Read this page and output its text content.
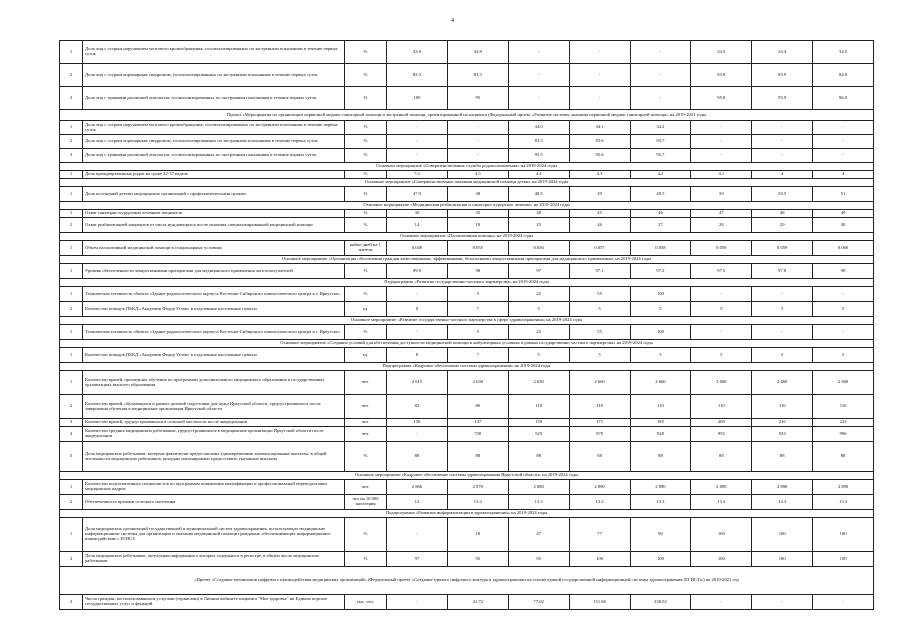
4
1	Доля лиц с острым нарушением мозгового кровообращения, госпитализированных по экстренным показаниям в течение первых суток	%	33.8	33.8	-	-	-	34.3	34.4	34.5
2	Доля лиц с острым коронарным синдромом, госпитализированных по экстренным показаниям в течение первых суток	%	83.3	83.3	-	-	-	83.8	83.9	84.0
3	Доля лиц с травмами различной этиологии, госпитализированных по экстренным показаниям в течение первых суток	%	100	95	-	-	-	95.8	95.9	96.0
Проект «Мероприятия по организации первичной медико-санитарной помощи и экстренной помощи, ориентированной на пациента (Федеральный проект «Развитие системы оказания первичной медико-санитарной помощи» на 2019-2021 годы										
1	Доля лиц с острым нарушением мозгового кровообращения, госпитализированных по экстренным показаниям в течение первых суток	%	-	-	34.0	34.1	34.2	-	-	-
2	Доля лиц с острым коронарным синдромом, госпитализированных по экстренным показаниям в течение первых суток	%	-	-	83.5	83.6	83.7	-	-	-
3	Доля лиц с травмами различной этиологии, госпитализированных по экстренным показаниям в течение первых суток	%	-	-	95.5	95.6	95.7	-	-	-
Основное мероприятие «Совершенствование службы родовспоможения» на 2019-2024 годы										
1	Доля преждевременных родов на сроке 22-37 недель	%	7.2	4.5	4.4	4.3	4.2	4.1	4	4
Основное мероприятие «Совершенствование оказания медицинской помощи детям» на 2019-2024 годы										
1	Доля посещений детьми медицинских организаций с профилактическими целями	%	47.9	48	48.5	49	49.5	50	50.5	51
Основное мероприятие «Медицинская реабилитация и санаторно-курортное лечение» на 2019-2024 годы										
1	Охват санаторно-курортным лечением пациентов	%	30	35	40	45	46	47	48	49
2	Охват реабилитацией пациентов от числа нуждающихся после оказания специализированной медицинской помощи	%	14	18	25	26	27	28	29	30
Основное мероприятие «Паллиативная помощь» на 2019-2024 годы										
1	Объем паллиативной медицинской помощи в стационарных условиях	койко-дней на 1 жителя	0.049	0.055	0.056	0.057	0.058	0.059	0.059	0.060
Основное мероприятие «Организация обеспечения граждан качественными, эффективными, безопасными лекарственными препаратами для медицинского применения» на 2019-2024 годы										
1	Уровень обеспеченности лекарственными препаратами для медицинского применения льготополучателей	%	99.9	98	97	97.1	97.2	97.5	97.8	98
Подпрограмма «Развитие государственно-частного партнерства» на 2019-2024 годы										
1	Техническая готовность объекта «Здание радиологического корпуса Восточно-Сибирского онкологического центра в г. Иркутске»	%	-	5	25	55	100	-	-	-
2	Количество поводок ПБКД «Академик Федор Углов» в отдаленные населенные пункты	ед.	8	7	5	5	5	5	5	5
Основное мероприятие «Развитие государственно-частного партнерства в сфере здравоохранения» на 2019-2024 годы										
1	Техническая готовность объекта «Здание радиологического корпуса Восточно-Сибирского онкологического центра в г. Иркутске»	%	-	5	25	55	100	-	-	-
Основное мероприятие «Создание условий для обеспечения доступности медицинской помощи в амбулаторных условиях в рамках государственно-частного партнерства» на 2019-2024 годы										
1	Количество поводок ПБКД «Академик Федор Углов» в отдаленные населенные пункты	ед.	8	7	5	5	5	5	5	5
Подпрограмма «Кадровое обеспечение системы здравоохранения» на 2019-2024 годы										
1	Количество врачей, прошедших обучение по программам дополнительного медицинского образования в государственных организациях высшего образования	чел.	2 615	2 630	2 630	2 660	2 660	2 660	2 660	2 660
2	Количество врачей, обучающихся в рамках целевой подготовки для нужд Иркутской области, трудоустроившихся после завершения обучения в медицинские организации Иркутской области	чел.	82	86	110	110	110	110	110	110
3	Количество врачей, трудоустроившихся в сельской местности после аккредитации	чел.	136	147	159	171	185	200	216	233
4	Количество средних медицинских работников, трудоустроившихся в медицинские организации Иркутской области после аккредитации	чел.	-	738	925	979	928	955	933	996
5	Доля медицинских работников, которым фактически предоставлены единовременные компенсационные выплаты, в общей численности медицинских работников, которым запланировано предоставить указанные выплаты	%	88	88	88	88	88	88	88	88
Основное мероприятие «Кадровое обеспечение системы здравоохранения Иркутской области» на 2019-2024 годы										
1	Количество подготовленных специалистов по программам повышения квалификации и профессиональной переподготовки медицинских кадров	чел.	2 866	2 870	2 880	2 890	2 890	2 890	2 890	2 890
2	Обеспеченность врачами сельского населения	чел на 10 000 населения	12	13.3	13.3	13.3	13.3	13.3	13.3	13.3
Подпрограмма «Развитие информатизации в здравоохранении» на 2019-2024 годы										
1	Доля медицинских организаций государственной и муниципальной систем здравоохранения, использующих медицинские информационные системы для организации и оказания медицинской помощи гражданам, обеспечивающих информационное взаимодействие с ЕГИСЗ	%	-	18	47	77	90	100	100	100
2	Доля медицинских работников, актуальная информация о которых содержится в регистре, в общем числе медицинских работников	%	97	95	95	100	100	100	100	100
«Проект «Создание механизмов цифрового взаимодействия медицинских организаций» (Федеральный проект «Создание единого цифрового контура в здравоохранении на основе единой государственной информационной системы здравоохранения (ЕГИСЗ)») на 2019-2021 год										
3	Число граждан, воспользовавшихся услугами (сервисами) в Личном кабинете пациента "Мое здоровье" на Едином портале государственных услуг и функций	тыс. чел.	-	41.72	77.02	151.86	238.92	-	-	-
